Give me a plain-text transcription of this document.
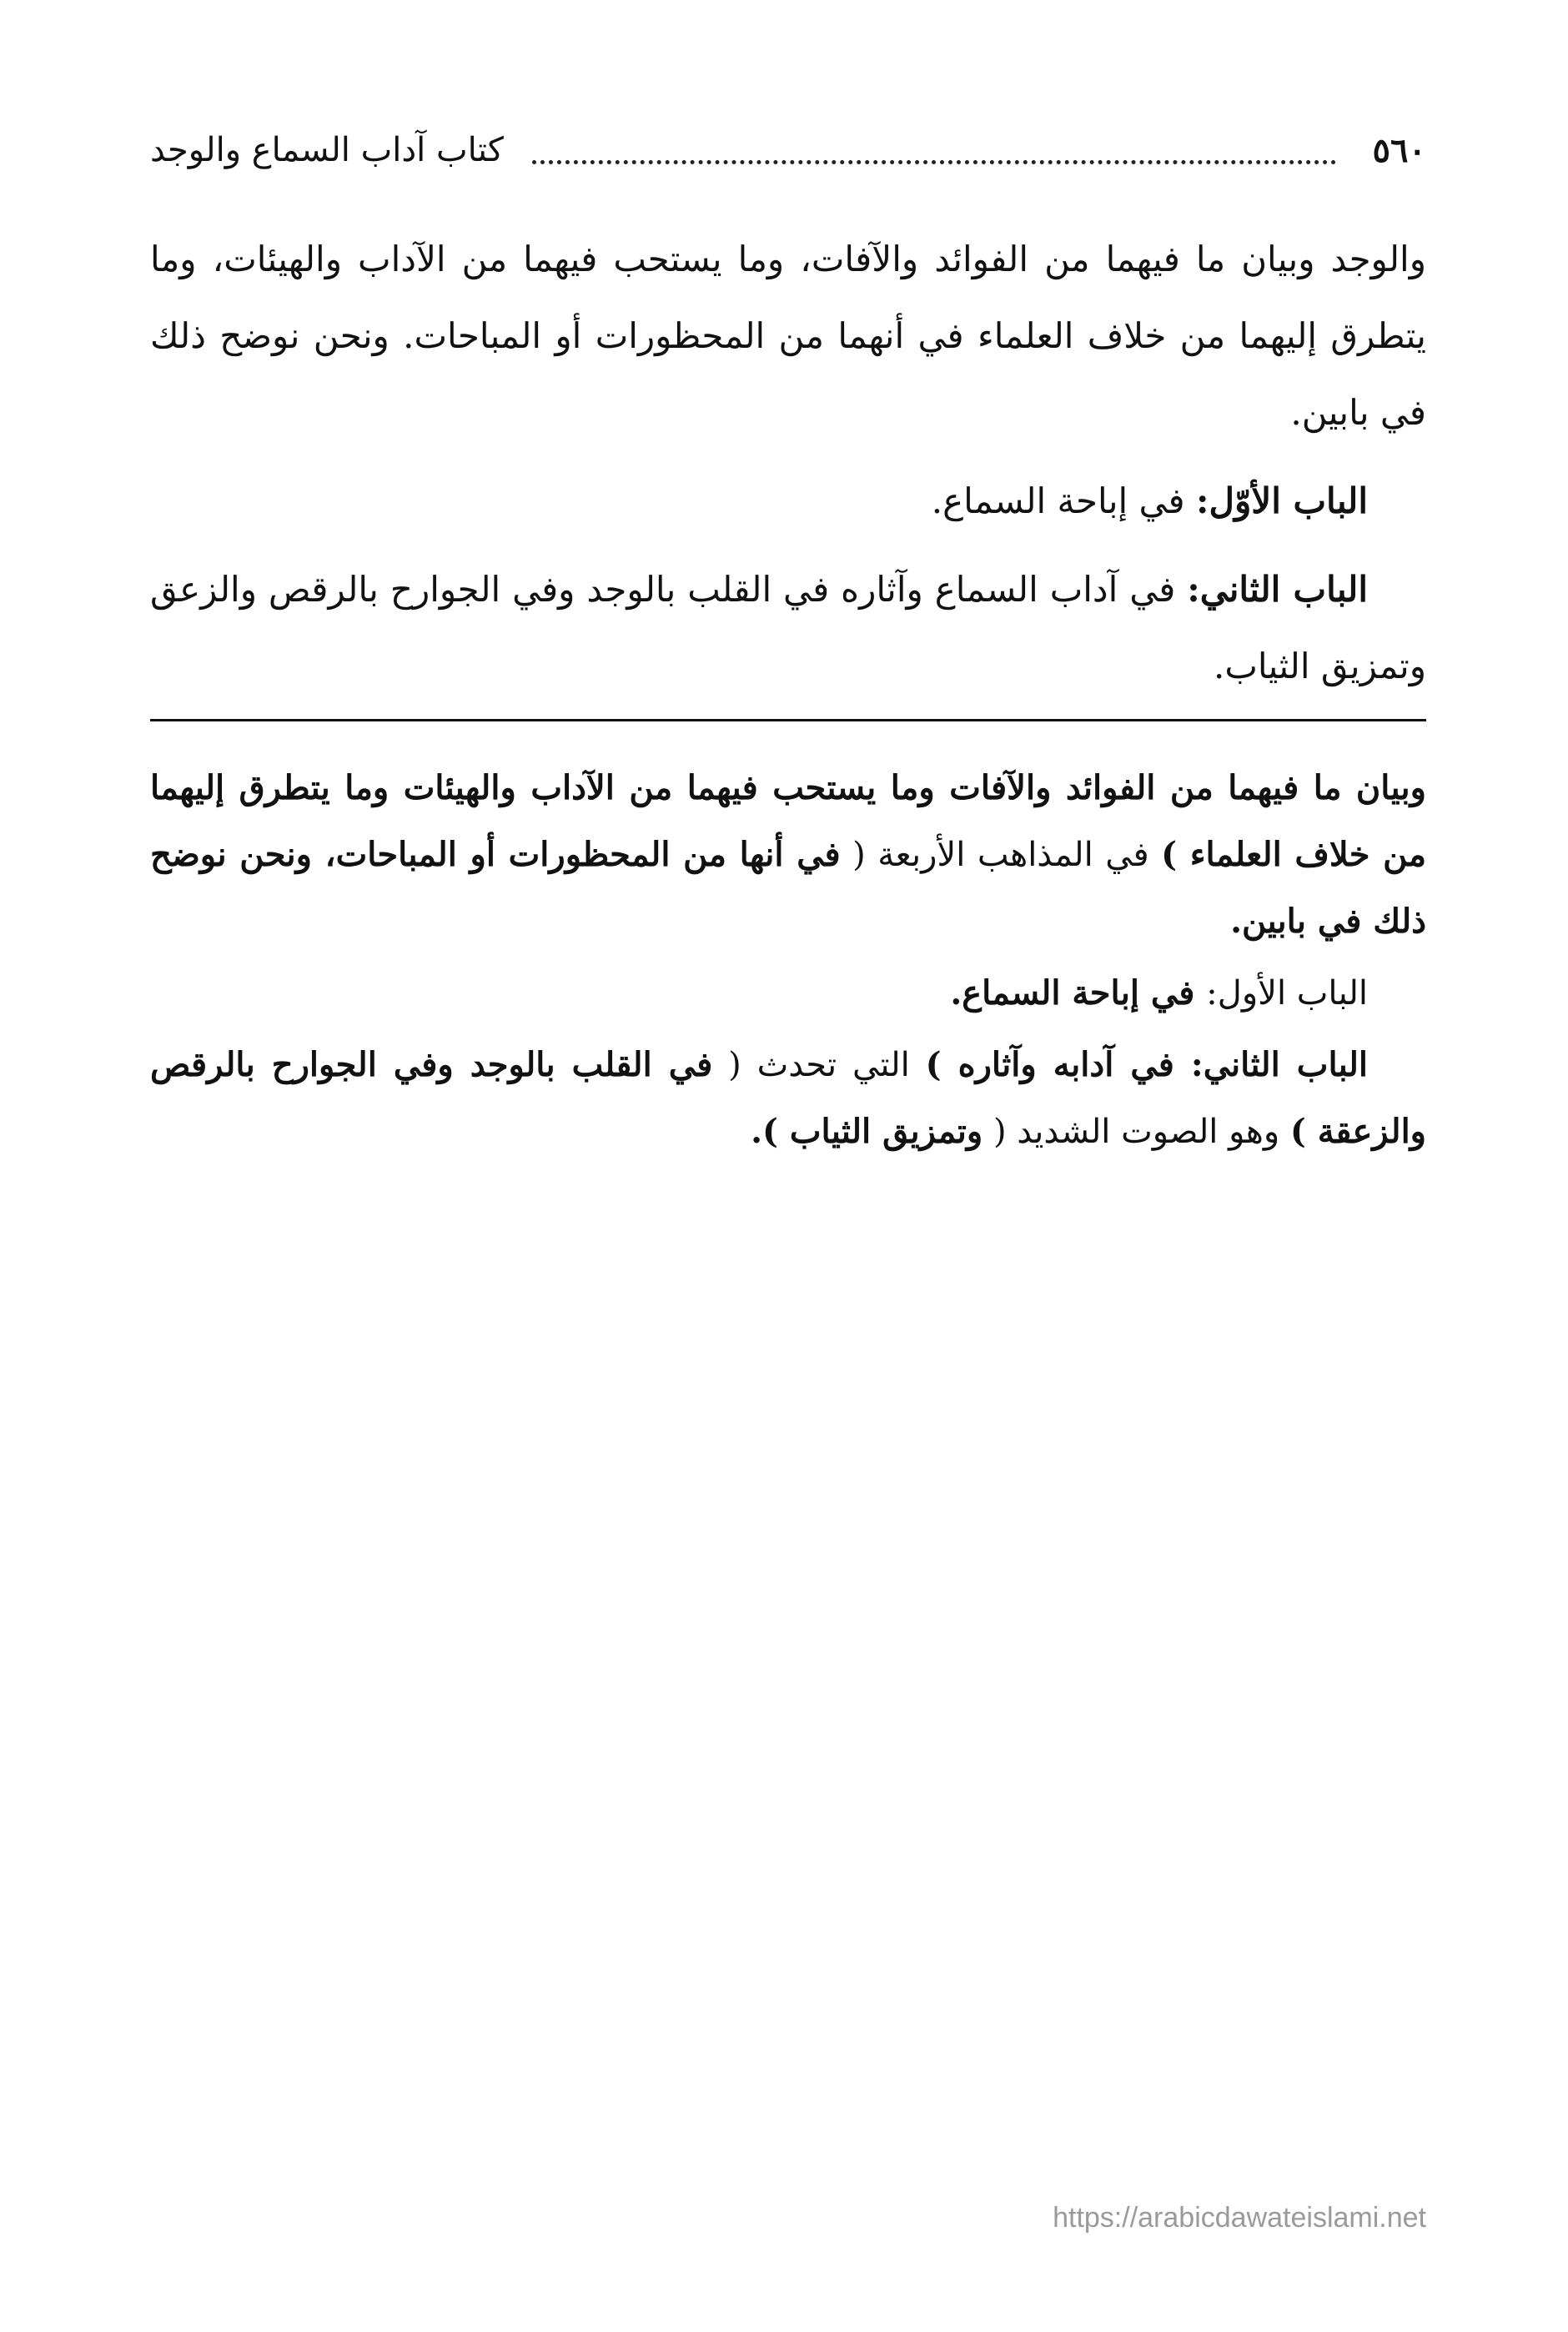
٥٦٠
كتاب آداب السماع والوجد

والوجد وبيان ما فيهما من الفوائد والآفات، وما يستحب فيهما من الآداب والهيئات، وما يتطرق إليهما من خلاف العلماء في أنهما من المحظورات أو المباحات. ونحن نوضح ذلك في بابين.

الباب الأوّل: في إباحة السماع.

الباب الثاني: في آداب السماع وآثاره في القلب بالوجد وفي الجوارح بالرقص والزعق وتمزيق الثياب.

وبيان ما فيهما من الفوائد والآفات وما يستحب فيهما من الآداب والهيئات وما يتطرق إليهما من خلاف العلماء ) في المذاهب الأربعة ( في أنها من المحظورات أو المباحات، ونحن نوضح ذلك في بابين.

الباب الأول: في إباحة السماع.

الباب الثاني: في آدابه وآثاره ) التي تحدث ( في القلب بالوجد وفي الجوارح بالرقص والزعقة ) وهو الصوت الشديد ( وتمزيق الثياب ).

https://arabicdawateislami.net
